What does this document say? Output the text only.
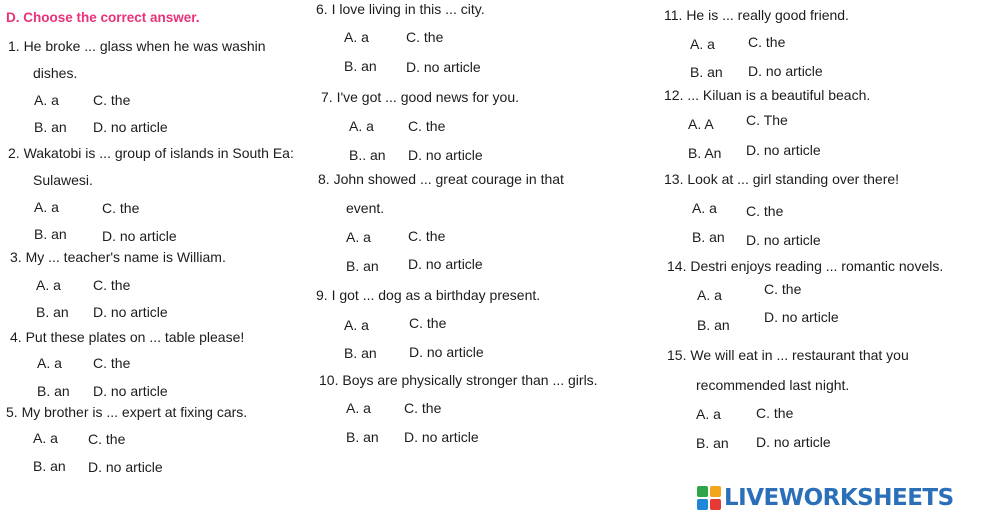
D. Choose the correct answer.
1. He broke ... glass when he was washin
dishes.
A. a C. the
B. an D. no article
2. Wakatobi is ... group of islands in South Ea:
Sulawesi.
A. a	C. the
B. an	D. no article
3. My ... teacher's name is William.
A. a C. the
B. an D. no article
4. Put these plates on ... table please!
A. a C. the
B. an D. no article
5. My brother is ... expert at fixing cars.
A. a C. the
B. an D. no article
6. I love living in this ... city.
A. a	C. the
B. an D. no article
7. I've got ... good news for you.
A. a C. the
B.. an D. no article
8. John showed ... great courage in that
event.
A. a	C. the
B. an D. no article
9. I got ... dog as a birthday present.
A. a	C. the
B. an D. no article
10. Boys are physically stronger than ... girls.
A. a C. the
B. an D. no article
11. He is ... really good friend.
A. a C. the
B. an D. no article
12. ... Kiluan is a beautiful beach.
A. A C. The
B. An D. no article
13. Look at ... girl standing over there!
A. a C. the
B. an D. no article
14. Destri enjoys reading ... romantic novels.
A. a	C. the
B. an D. no article
15. We will eat in ... restaurant that you
recommended last night.
A. a	C. the
B. an D. no article
LIVEWORKSHEETS
